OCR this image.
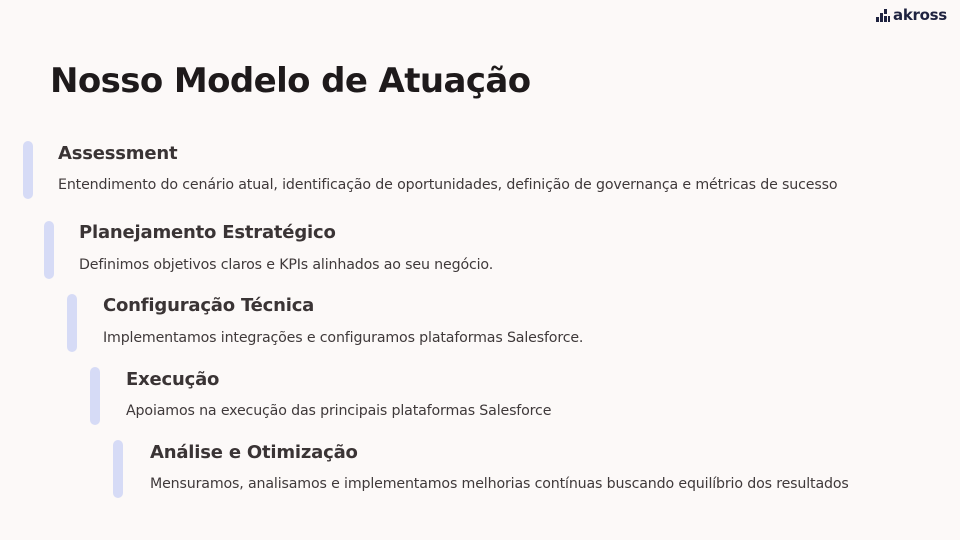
akross
Nosso Modelo de Atuação
Assessment

Entendimento do cenário atual, identificação de oportunidades, definição de governança e métricas de sucesso

Planejamento Estratégico

Definimos objetivos claros e KPIs alinhados ao seu negócio.

Configuração Técnica

Implementamos integrações e configuramos plataformas Salesforce.

Execução

Apoiamos na execução das principais plataformas Salesforce

Análise e Otimização

Mensuramos, analisamos e implementamos melhorias contínuas buscando equilíbrio dos resultados
